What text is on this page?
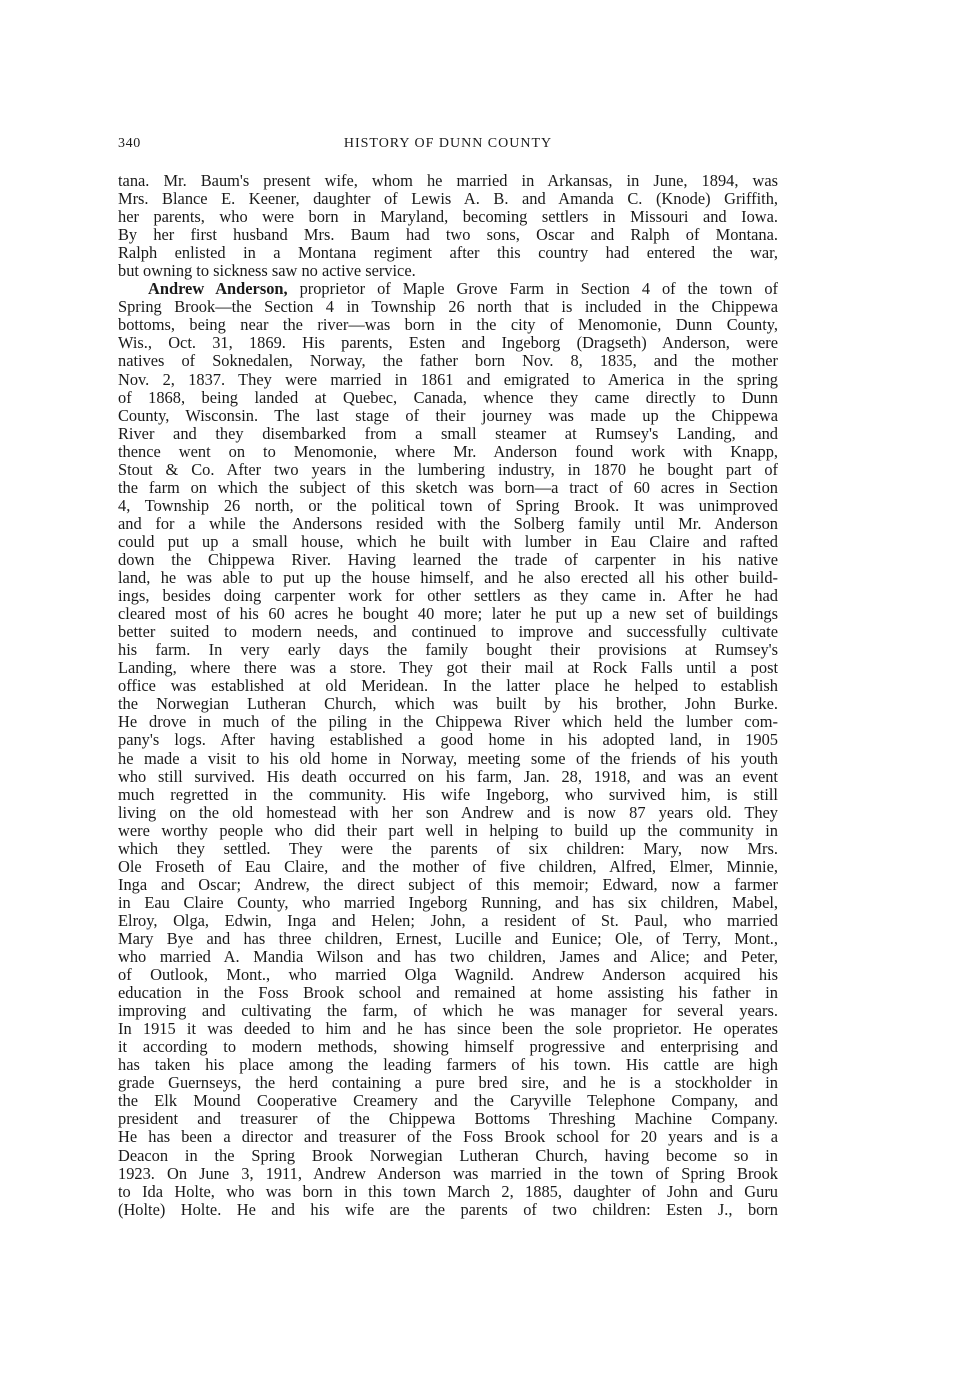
340	HISTORY OF DUNN COUNTY
tana. Mr. Baum's present wife, whom he married in Arkansas, in June, 1894, was
Mrs. Blance E. Keener, daughter of Lewis A. B. and Amanda C. (Knode) Griffith,
her parents, who were born in Maryland, becoming settlers in Missouri and Iowa.
By her first husband Mrs. Baum had two sons, Oscar and Ralph of Montana.
Ralph enlisted in a Montana regiment after this country had entered the war,
but owning to sickness saw no active service.
Andrew Anderson, proprietor of Maple Grove Farm in Section 4 of the town of
Spring Brook—the Section 4 in Township 26 north that is included in the Chippewa
bottoms, being near the river—was born in the city of Menomonie, Dunn County,
Wis., Oct. 31, 1869. His parents, Esten and Ingeborg (Dragseth) Anderson, were
natives of Soknedalen, Norway, the father born Nov. 8, 1835, and the mother
Nov. 2, 1837. They were married in 1861 and emigrated to America in the spring
of 1868, being landed at Quebec, Canada, whence they came directly to Dunn
County, Wisconsin. The last stage of their journey was made up the Chippewa
River and they disembarked from a small steamer at Rumsey's Landing, and
thence went on to Menomonie, where Mr. Anderson found work with Knapp,
Stout & Co. After two years in the lumbering industry, in 1870 he bought part of
the farm on which the subject of this sketch was born—a tract of 60 acres in Section
4, Township 26 north, or the political town of Spring Brook. It was unimproved
and for a while the Andersons resided with the Solberg family until Mr. Anderson
could put up a small house, which he built with lumber in Eau Claire and rafted
down the Chippewa River. Having learned the trade of carpenter in his native
land, he was able to put up the house himself, and he also erected all his other build-
ings, besides doing carpenter work for other settlers as they came in. After he had
cleared most of his 60 acres he bought 40 more; later he put up a new set of buildings
better suited to modern needs, and continued to improve and successfully cultivate
his farm. In very early days the family bought their provisions at Rumsey's
Landing, where there was a store. They got their mail at Rock Falls until a post
office was established at old Meridean. In the latter place he helped to establish
the Norwegian Lutheran Church, which was built by his brother, John Burke.
He drove in much of the piling in the Chippewa River which held the lumber com-
pany's logs. After having established a good home in his adopted land, in 1905
he made a visit to his old home in Norway, meeting some of the friends of his youth
who still survived. His death occurred on his farm, Jan. 28, 1918, and was an event
much regretted in the community. His wife Ingeborg, who survived him, is still
living on the old homestead with her son Andrew and is now 87 years old. They
were worthy people who did their part well in helping to build up the community in
which they settled. They were the parents of six children: Mary, now Mrs.
Ole Froseth of Eau Claire, and the mother of five children, Alfred, Elmer, Minnie,
Inga and Oscar; Andrew, the direct subject of this memoir; Edward, now a farmer
in Eau Claire County, who married Ingeborg Running, and has six children, Mabel,
Elroy, Olga, Edwin, Inga and Helen; John, a resident of St. Paul, who married
Mary Bye and has three children, Ernest, Lucille and Eunice; Ole, of Terry, Mont.,
who married A. Mandia Wilson and has two children, James and Alice; and Peter,
of Outlook, Mont., who married Olga Wagnild. Andrew Anderson acquired his
education in the Foss Brook school and remained at home assisting his father in
improving and cultivating the farm, of which he was manager for several years.
In 1915 it was deeded to him and he has since been the sole proprietor. He operates
it according to modern methods, showing himself progressive and enterprising and
has taken his place among the leading farmers of his town. His cattle are high
grade Guernseys, the herd containing a pure bred sire, and he is a stockholder in
the Elk Mound Cooperative Creamery and the Caryville Telephone Company, and
president and treasurer of the Chippewa Bottoms Threshing Machine Company.
He has been a director and treasurer of the Foss Brook school for 20 years and is a
Deacon in the Spring Brook Norwegian Lutheran Church, having become so in
1923. On June 3, 1911, Andrew Anderson was married in the town of Spring Brook
to Ida Holte, who was born in this town March 2, 1885, daughter of John and Guru
(Holte) Holte. He and his wife are the parents of two children: Esten J., born
